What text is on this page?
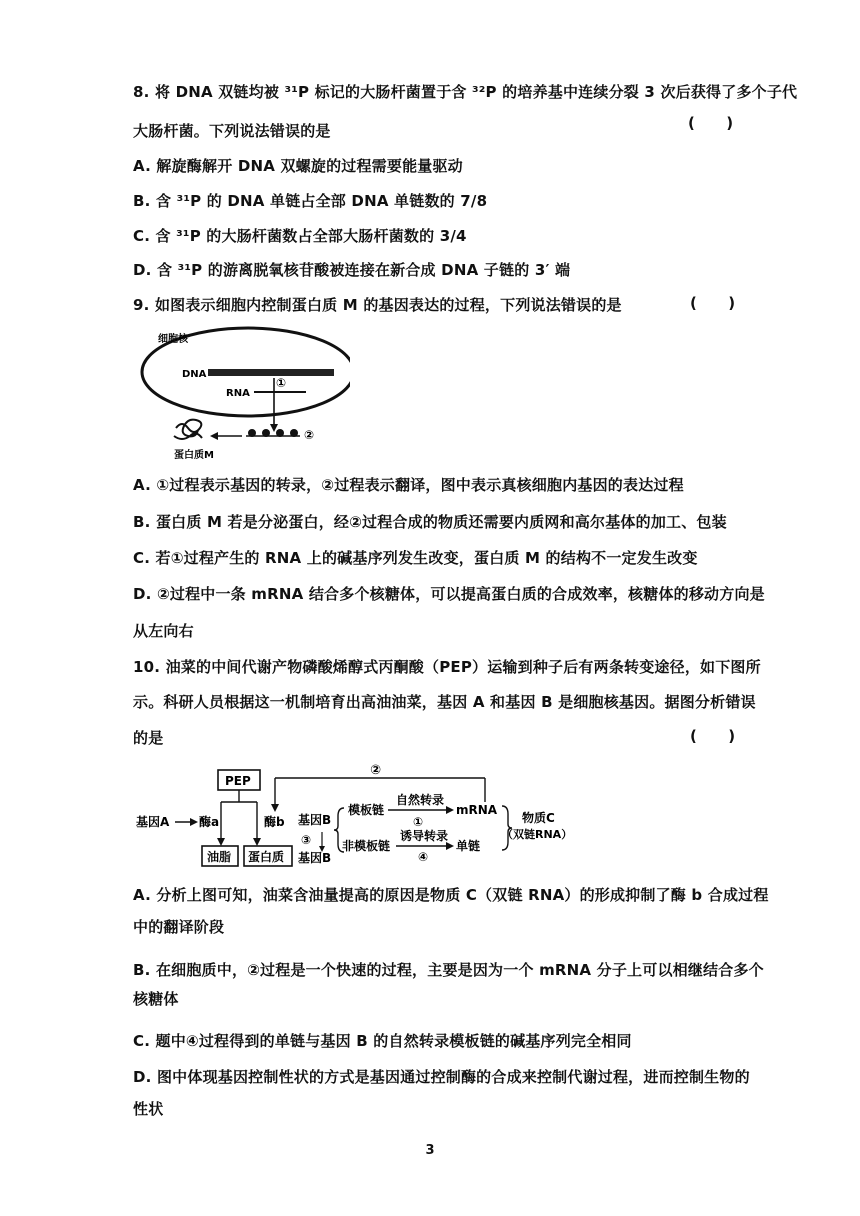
8. 将 DNA 双链均被 ³¹P 标记的大肠杆菌置于含 ³²P 的培养基中连续分裂 3 次后获得了多个子代
大肠杆菌。下列说法错误的是	(      )
A. 解旋酶解开 DNA 双螺旋的过程需要能量驱动
B. 含 ³¹P 的 DNA 单链占全部 DNA 单链数的 7/8
C. 含 ³¹P 的大肠杆菌数占全部大肠杆菌数的 3/4
D. 含 ³¹P 的游离脱氧核苷酸被连接在新合成 DNA 子链的 3′ 端
9. 如图表示细胞内控制蛋白质 M 的基因表达的过程，下列说法错误的是	(      )
细胞核
DNA
①
RNA
②
蛋白质M
A. ①过程表示基因的转录，②过程表示翻译，图中表示真核细胞内基因的表达过程
B. 蛋白质 M 若是分泌蛋白，经②过程合成的物质还需要内质网和高尔基体的加工、包装
C. 若①过程产生的 RNA 上的碱基序列发生改变，蛋白质 M 的结构不一定发生改变
D. ②过程中一条 mRNA 结合多个核糖体，可以提高蛋白质的合成效率，核糖体的移动方向是
从左向右
10. 油菜的中间代谢产物磷酸烯醇式丙酮酸（PEP）运输到种子后有两条转变途径，如下图所
示。科研人员根据这一机制培育出高油油菜，基因 A 和基因 B 是细胞核基因。据图分析错误
的是	(      )
PEP
基因A 酶a	酶b
油脂 蛋白质
②
基因B
③
基因B
模板链
自然转录
①
mRNA
非模板链
诱导转录
④
单链
物质C
（双链RNA）
A. 分析上图可知，油菜含油量提高的原因是物质 C（双链 RNA）的形成抑制了酶 b 合成过程
中的翻译阶段
B. 在细胞质中，②过程是一个快速的过程，主要是因为一个 mRNA 分子上可以相继结合多个
核糖体
C. 题中④过程得到的单链与基因 B 的自然转录模板链的碱基序列完全相同
D. 图中体现基因控制性状的方式是基因通过控制酶的合成来控制代谢过程，进而控制生物的
性状
3
